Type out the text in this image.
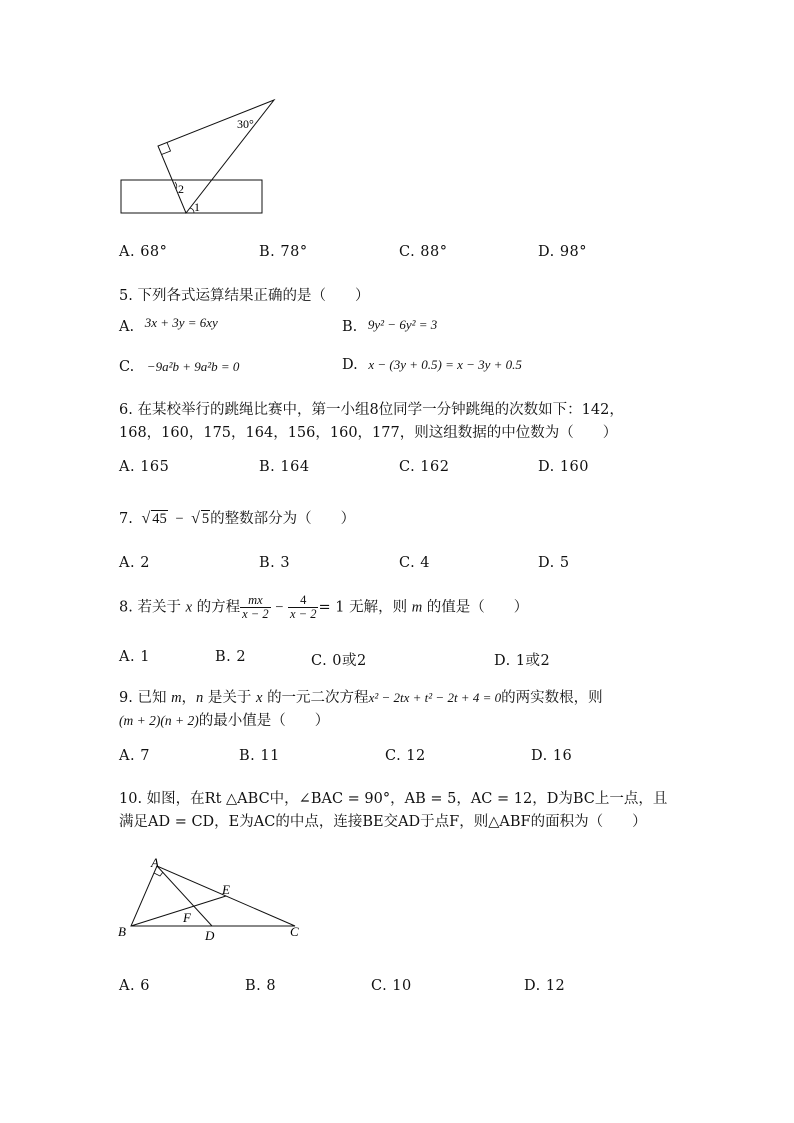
30°
2
1
A. 68°	B. 78°	C. 88°	D. 98°
5. 下列各式运算结果正确的是（　　）
A. 3x + 3y = 6xy	B. 9y² − 6y² = 3
C. −9a²b + 9a²b = 0	D. x − (3y + 0.5) = x − 3y + 0.5
6. 在某校举行的跳绳比赛中，第一小组8位同学一分钟跳绳的次数如下：142，
168，160，175，164，156，160，177，则这组数据的中位数为（　　）
A. 165	B. 164	C. 162	D. 160
7. √ 45 − √ 5的整数部分为（　　）
A. 2	B. 3	C. 4	D. 5
8. 若关于 x 的方程 $\frac{mx}{x - 2} - \frac{4}{x - 2} = 1$ 无解，则 m 的值是（　　）
A. 1	B. 2	C. 0或2	D. 1或2
9. 已知 m，n 是关于 x 的一元二次方程x² − 2tx + t² − 2t + 4 = 0的两实数根，则
(m + 2)(n + 2)的最小值是（　　）
A. 7	B. 11	C. 12	D. 16
10. 如图，在Rt △ABC中，∠BAC = 90°，AB = 5，AC = 12，D为BC上一点，且
满足AD = CD，E为AC的中点，连接BE交AD于点F，则△ABF的面积为（　　）
A
B	C
D
E
F
A. 6	B. 8	C. 10	D. 12
